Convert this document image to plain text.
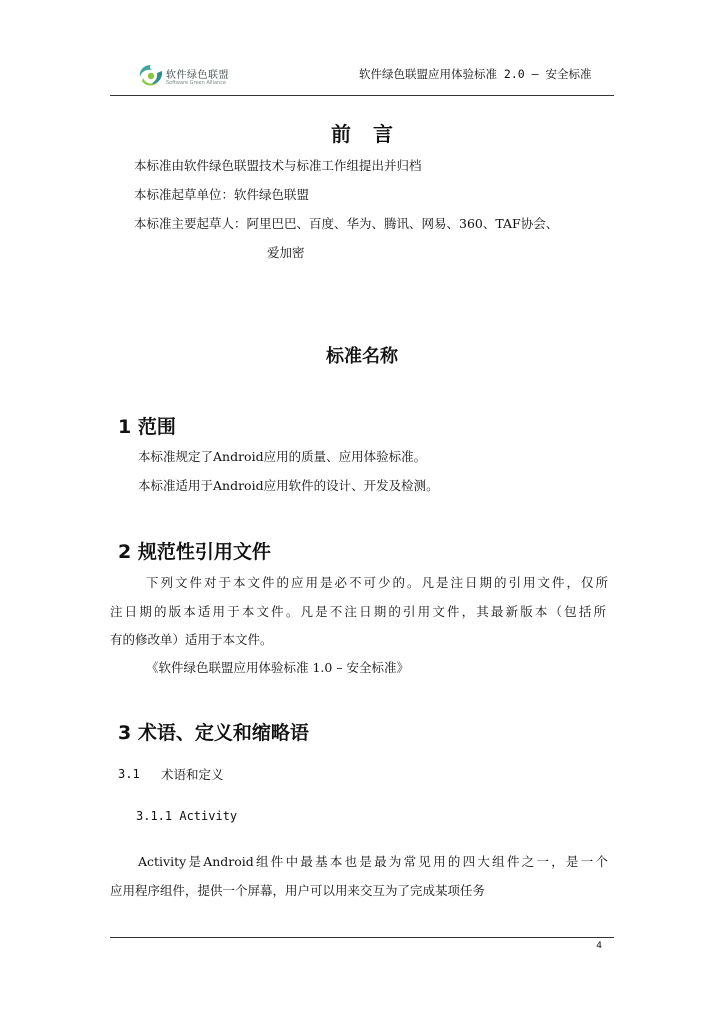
软件绿色联盟
Software Green Alliance
软件绿色联盟应用体验标准 2.0 – 安全标准
前言
本标准由软件绿色联盟技术与标准工作组提出并归档
本标准起草单位：软件绿色联盟
本标准主要起草人：阿里巴巴、百度、华为、腾讯、网易、360、TAF协会、
爱加密
标准名称
1 范围
本标准规定了Android应用的质量、应用体验标准。
本标准适用于Android应用软件的设计、开发及检测。
2 规范性引用文件
下列文件对于本文件的应用是必不可少的。凡是注日期的引用文件，仅所
注日期的版本适用于本文件。凡是不注日期的引用文件，其最新版本（包括所
有的修改单）适用于本文件。
《软件绿色联盟应用体验标准 1.0 – 安全标准》
3 术语、定义和缩略语
3.1 术语和定义
3.1.1 Activity
Activity是Android组件中最基本也是最为常见用的四大组件之一，是一个
应用程序组件，提供一个屏幕，用户可以用来交互为了完成某项任务
4
